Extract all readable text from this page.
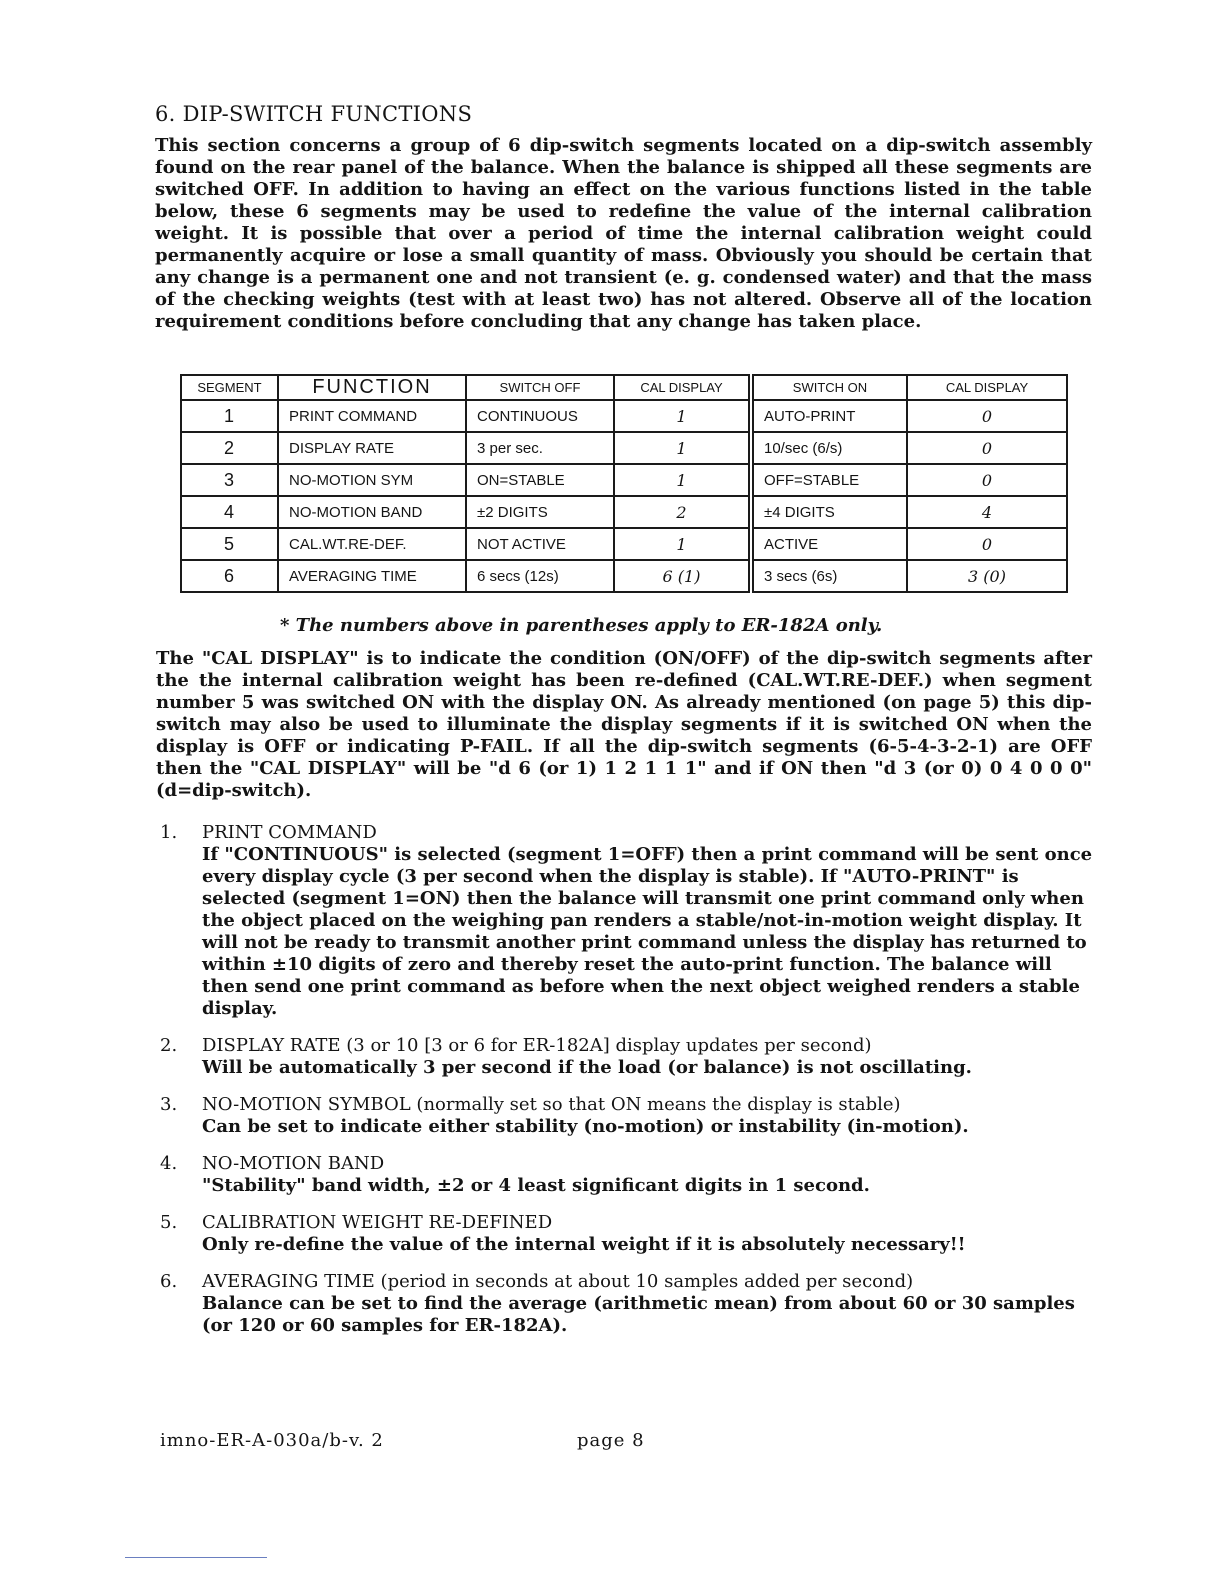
6. DIP-SWITCH FUNCTIONS

This section concerns a group of 6 dip-switch segments located on a dip-switch assembly found on the rear panel of the balance. When the balance is shipped all these segments are switched OFF. In addition to having an effect on the various functions listed in the table below, these 6 segments may be used to redefine the value of the internal calibration weight. It is possible that over a period of time the internal calibration weight could permanently acquire or lose a small quantity of mass. Obviously you should be certain that any change is a permanent one and not transient (e. g. condensed water) and that the mass of the checking weights (test with at least two) has not altered. Observe all of the location requirement conditions before concluding that any change has taken place.

SEGMENT	FUNCTION	SWITCH OFF	CAL DISPLAY	SWITCH ON	CAL DISPLAY
1	PRINT COMMAND	CONTINUOUS	1	AUTO-PRINT	0
2	DISPLAY RATE	3 per sec.	1	10/sec (6/s)	0
3	NO-MOTION SYM	ON=STABLE	1	OFF=STABLE	0
4	NO-MOTION BAND	±2 DIGITS	2	±4 DIGITS	4
5	CAL.WT.RE-DEF.	NOT ACTIVE	1	ACTIVE	0
6	AVERAGING TIME	6 secs (12s)	6 (1)	3 secs (6s)	3 (0)
* The numbers above in parentheses apply to ER-182A only.

The "CAL DISPLAY" is to indicate the condition (ON/OFF) of the dip-switch segments after the the internal calibration weight has been re-defined (CAL.WT.RE-DEF.) when segment number 5 was switched ON with the display ON. As already mentioned (on page 5) this dip-switch may also be used to illuminate the display segments if it is switched ON when the display is OFF or indicating P-FAIL. If all the dip-switch segments (6-5-4-3-2-1) are OFF then the "CAL DISPLAY" will be "d 6 (or 1) 1 2 1 1 1" and if ON then "d 3 (or 0) 0 4 0 0 0" (d=dip-switch).

1.	PRINT COMMAND
If "CONTINUOUS" is selected (segment 1=OFF) then a print command will be sent once every display cycle (3 per second when the display is stable). If "AUTO-PRINT" is selected (segment 1=ON) then the balance will transmit one print command only when the object placed on the weighing pan renders a stable/not-in-motion weight display. It will not be ready to transmit another print command unless the display has returned to within ±10 digits of zero and thereby reset the auto-print function. The balance will then send one print command as before when the next object weighed renders a stable display.
2.	DISPLAY RATE (3 or 10 [3 or 6 for ER-182A] display updates per second)
Will be automatically 3 per second if the load (or balance) is not oscillating.
3.	NO-MOTION SYMBOL (normally set so that ON means the display is stable)
Can be set to indicate either stability (no-motion) or instability (in-motion).
4.	NO-MOTION BAND
"Stability" band width, ±2 or 4 least significant digits in 1 second.
5.	CALIBRATION WEIGHT RE-DEFINED
Only re-define the value of the internal weight if it is absolutely necessary!!
6.	AVERAGING TIME (period in seconds at about 10 samples added per second)
Balance can be set to find the average (arithmetic mean) from about 60 or 30 samples (or 120 or 60 samples for ER-182A).
imno-ER-A-030a/b-v. 2	page 8
